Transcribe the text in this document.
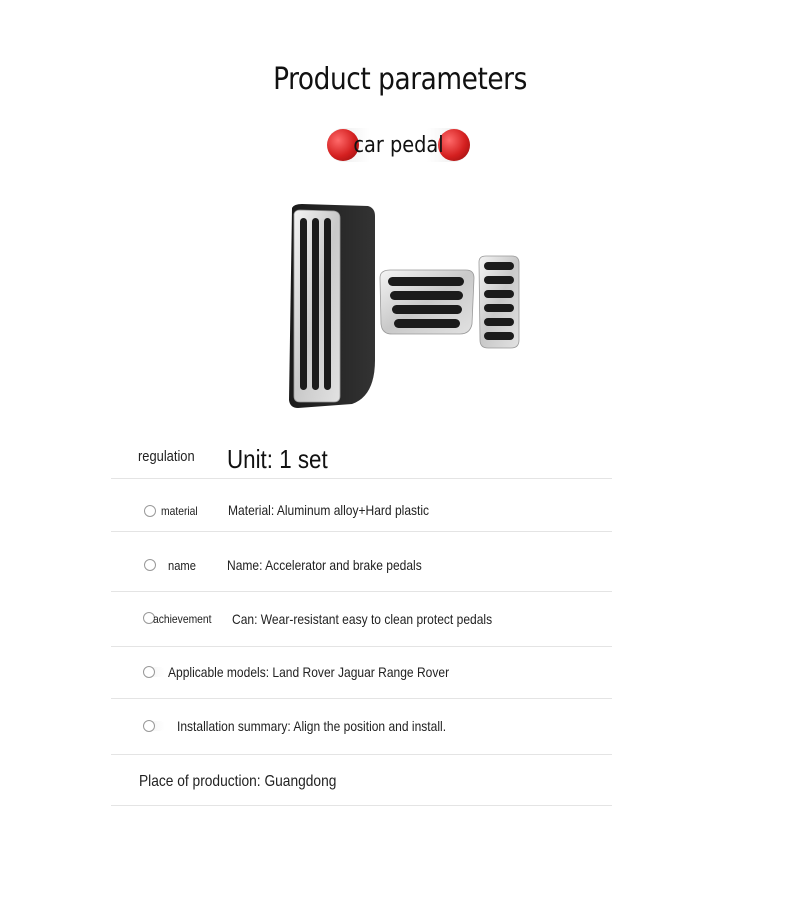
Product parameters
car pedal
regulation Unit: 1 set
material Material: Aluminum alloy+Hard plastic
name Name: Accelerator and brake pedals
achievement Can: Wear-resistant easy to clean protect pedals
Applicable models: Land Rover Jaguar Range Rover
Installation summary: Align the position and install.
Place of production: Guangdong
